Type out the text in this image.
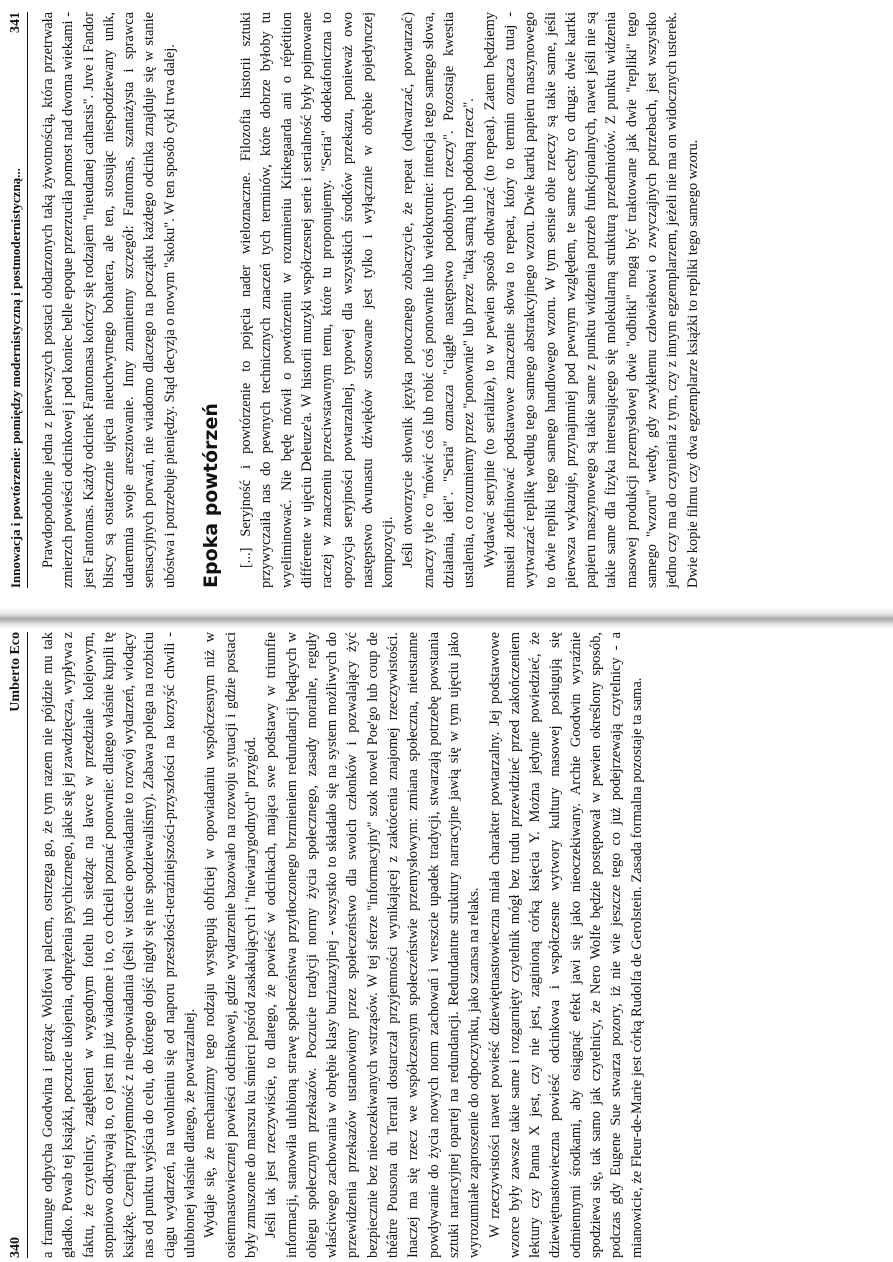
Innowacja i powtórzenie: pomiędzy modernistyczną i postmodernistyczną...
341 Prawdopodobnie jedna z pierwszych postaci obdarzonych taką żywotnością, która przetrwała zmierzch powieści odcinkowej i pod koniec belle epoque przerzuciła pomost nad dwoma wiekami - jest Fantomas. Każdy odcinek Fantomasa kończy się rodzajem "nieudanej catharsis". Juve i Fandor bliscy są ostatecznie ujęcia nieuchwytnego bohatera, ale ten, stosując niespodziewany unik, udaremnia swoje aresztowanie. Inny znamienny szczegół: Fantomas, szantażysta i sprawca sensacyjnych porwań, nie wiadomo dlaczego na początku każdego odcinka znajduje się w stanie ubóstwa i potrzebuje pieniędzy. Stąd decyzja o nowym "skoku". W ten sposób cykl trwa dalej. Epoka powtórzeń [...] Seryjność i powtórzenie to pojęcia nader wieloznaczne. Filozofia historii sztuki przywyczaiła nas do pewnych technicznych znaczeń tych terminów, które dobrze byłoby tu wyeliminować. Nie będę mówił o powtórzeniu w rozumieniu Kirkegaarda ani o répétition différente w ujęciu Deleuze'a. W historii muzyki współczesnej serie i serialność były pojmowane raczej w znaczeniu przeciwstawnym temu, które tu proponujemy. "Seria" dodekafoniczna to opozycja seryjności powtarzalnej, typowej dla wszystkich środków przekazu, ponieważ owo następstwo dwunastu dźwięków stosowane jest tylko i wyłącznie w obrębie pojedynczej kompozycji. Jeśli otworzycie słownik języka potocznego zobaczycie, że repeat (odtwarzać, powtarzać) znaczy tyle co "mówić coś lub robić coś ponownie lub wielokrotnie: intencja tego samego słowa, działania, idei". "Seria" oznacza "ciągłe następstwo podobnych rzeczy". Pozostaje kwestia ustalenia, co rozumiemy przez "ponownie" lub przez "taką samą lub podobną rzecz". Wydawać seryjnie (to serialize), to w pewien sposób odtwarzać (to repeat). Zatem będziemy musieli zdefiniować podstawowe znaczenie słowa to repeat, który to termin oznacza tutaj - wytwarzać replikę według tego samego abstrakcyjnego wzoru. Dwie kartki papieru maszynowego to dwie repliki tego samego handlowego wzoru. W tym sensie obie rzeczy są takie same, jeśli pierwsza wykazuje, przynajmniej pod pewnym względem, te same cechy co druga: dwie kartki papieru maszynowego są takie same z punktu widzenia potrzeb funkcjonalnych, nawet jeśli nie są takie same dla fizyka interesującego się molekularną strukturą przedmiotów. Z punktu widzenia masowej produkcji przemysłowej dwie "odbitki" mogą być traktowane jak dwie "repliki" tego samego "wzoru" wtedy, gdy zwykłemu człowiekowi o zwyczajnych potrzebach, jest wszystko jedno czy ma do czynienia z tym, czy z innym egzemplarzem, jeżeli nie ma on widocznych usterek. Dwie kopie filmu czy dwa egzemplarze książki to repliki tego samego wzoru.

340
Umberto Eco a framuge odpycha Goodwina i grożąc Wolfowi palcem, ostrzega go, że tym razem nie pójdzie mu tak gładko. Powab tej książki, poczucie ukojenia, odprężenia psychicznego, jakie się jej zawdzięcza, wypływa z faktu, że czytelnicy, zagłębieni w wygodnym fotelu lub siedząc na ławce w przedziale kolejowym, stopniowo odkrywają to, co jest im już wiadome i to, co chcieli poznać ponownie: dlatego właśnie kupili tę książkę. Czerpią przyjemność z nie-opowiadania (jeśli w istocie opowiadanie to rozwój wydarzeń, wiodący nas od punktu wyjścia do celu, do którego dojść nigdy się nie spodziewaliśmy). Zabawa polega na rozbiciu ciągu wydarzeń, na uwolnieniu się od naporu przeszłości-teraźniejszości-przyszłości na korzyść chwili - ulubionej właśnie dlatego, że powtarzalnej. Wydaje się, że mechanizmy tego rodzaju występują obficiej w opowiadaniu współczesnym niż w osiemnastowiecznej powieści odcinkowej, gdzie wydarzenie bazowało na rozwoju sytuacji i gdzie postaci były zmuszone do marszu ku śmierci pośród zaskakujących i "niewiarygodnych" przygód. Jeśli tak jest rzeczywiście, to dlatego, że powieść w odcinkach, mająca swe podstawy w triumfie informacji, stanowiła ulubioną strawę społeczeństwa przytłoczonego brzmieniem redundancji będących w obiegu społecznym przekazów. Poczucie tradycji normy życia społecznego, zasady moralne, reguły właściwego zachowania w obrębie klasy burżuazyjnej - wszystko to składało się na system możliwych do przewidzenia przekazów ustanowiony przez społeczeństwo dla swoich członków i pozwalający żyć bezpiecznie bez nieoczekiwanych wstrząsów. W tej sferze "informacyjny" szok nowel Poe'go lub coup de théâtre Pousona du Terrail dostarczał przyjemności wynikającej z zaktócenia znajomej rzeczywistości. Inaczej ma się rzecz we współczesnym społeczeństwie przemysłowym: zmiana społeczna, nieustanne powdywanie do życia nowych norm zachowań i wreszcie upadek tradycji, stwarzają potrzebę powstania sztuki narracyjnej opartej na redundancji. Redundantne struktury narracyjne jawią się w tym ujęciu jako wyrozumiałe zaproszenie do odpoczynku, jako szansa na relaks. W rzeczywistości nawet powieść dziewiętnastowieczna miała charakter powtarzalny. Jej podstawowe wzorce były zawsze takie same i rozgarnięty czytelnik mógł bez trudu przewidzieć przed zakończeniem lektury czy Panna X jest, czy nie jest, zaginioną córką księcia Y. Można jedynie powiedzieć, że dziewiętnastowieczna powieść odcinkowa i współczesne wytwory kultury masowej posługują się odmiennymi środkami, aby osiągnąć efekt jawi się jako nieoczekiwany. Archie Goodwin wyraźnie spodziewa się, tak samo jak czytelnicy, że Nero Wolfe będzie postępował w pewien określony sposób, podczas gdy Eugene Sue stwarza pozory, iż nie wie jeszcze tego co już podejrzewają czytelnicy - a mianowicie, że Fleur-de-Marie jest córką Rudolfa de Gerolstein. Zasada formalna pozostaje ta sama.
